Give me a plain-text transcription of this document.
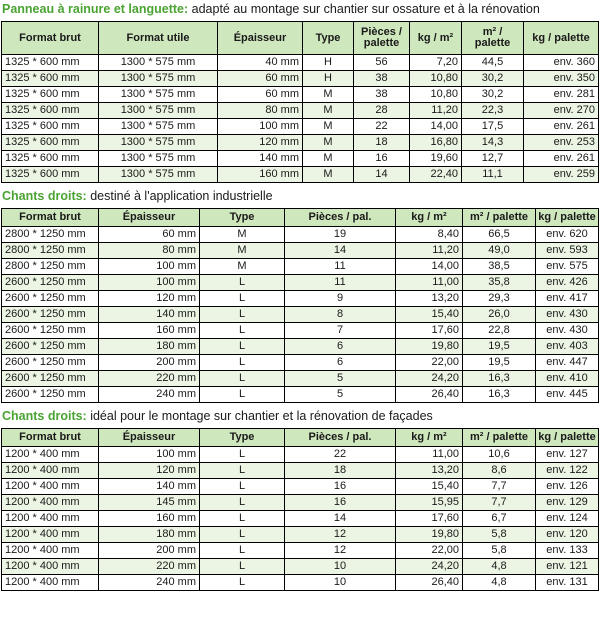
Panneau à rainure et languette: adapté au montage sur chantier sur ossature et à la rénovation
Format brut	Format utile	Épaisseur	Type	Pièces / palette	kg / m²	m² / palette	kg / palette
1325 * 600 mm	1300 * 575 mm	40 mm	H	56	7,20	44,5	env. 360
1325 * 600 mm	1300 * 575 mm	60 mm	H	38	10,80	30,2	env. 350
1325 * 600 mm	1300 * 575 mm	60 mm	M	38	10,80	30,2	env. 281
1325 * 600 mm	1300 * 575 mm	80 mm	M	28	11,20	22,3	env. 270
1325 * 600 mm	1300 * 575 mm	100 mm	M	22	14,00	17,5	env. 261
1325 * 600 mm	1300 * 575 mm	120 mm	M	18	16,80	14,3	env. 253
1325 * 600 mm	1300 * 575 mm	140 mm	M	16	19,60	12,7	env. 261
1325 * 600 mm	1300 * 575 mm	160 mm	M	14	22,40	11,1	env. 259
Chants droits: destiné à l'application industrielle
Format brut	Épaisseur	Type	Pièces / pal.	kg / m²	m² / palette	kg / palette
2800 * 1250 mm	60 mm	M	19	8,40	66,5	env. 620
2800 * 1250 mm	80 mm	M	14	11,20	49,0	env. 593
2800 * 1250 mm	100 mm	M	11	14,00	38,5	env. 575
2600 * 1250 mm	100 mm	L	11	11,00	35,8	env. 426
2600 * 1250 mm	120 mm	L	9	13,20	29,3	env. 417
2600 * 1250 mm	140 mm	L	8	15,40	26,0	env. 430
2600 * 1250 mm	160 mm	L	7	17,60	22,8	env. 430
2600 * 1250 mm	180 mm	L	6	19,80	19,5	env. 403
2600 * 1250 mm	200 mm	L	6	22,00	19,5	env. 447
2600 * 1250 mm	220 mm	L	5	24,20	16,3	env. 410
2600 * 1250 mm	240 mm	L	5	26,40	16,3	env. 445
Chants droits: idéal pour le montage sur chantier et la rénovation de façades
Format brut	Épaisseur	Type	Pièces / pal.	kg / m²	m² / palette	kg / palette
1200 * 400 mm	100 mm	L	22	11,00	10,6	env. 127
1200 * 400 mm	120 mm	L	18	13,20	8,6	env. 122
1200 * 400 mm	140 mm	L	16	15,40	7,7	env. 126
1200 * 400 mm	145 mm	L	16	15,95	7,7	env. 129
1200 * 400 mm	160 mm	L	14	17,60	6,7	env. 124
1200 * 400 mm	180 mm	L	12	19,80	5,8	env. 120
1200 * 400 mm	200 mm	L	12	22,00	5,8	env. 133
1200 * 400 mm	220 mm	L	10	24,20	4,8	env. 121
1200 * 400 mm	240 mm	L	10	26,40	4,8	env. 131
